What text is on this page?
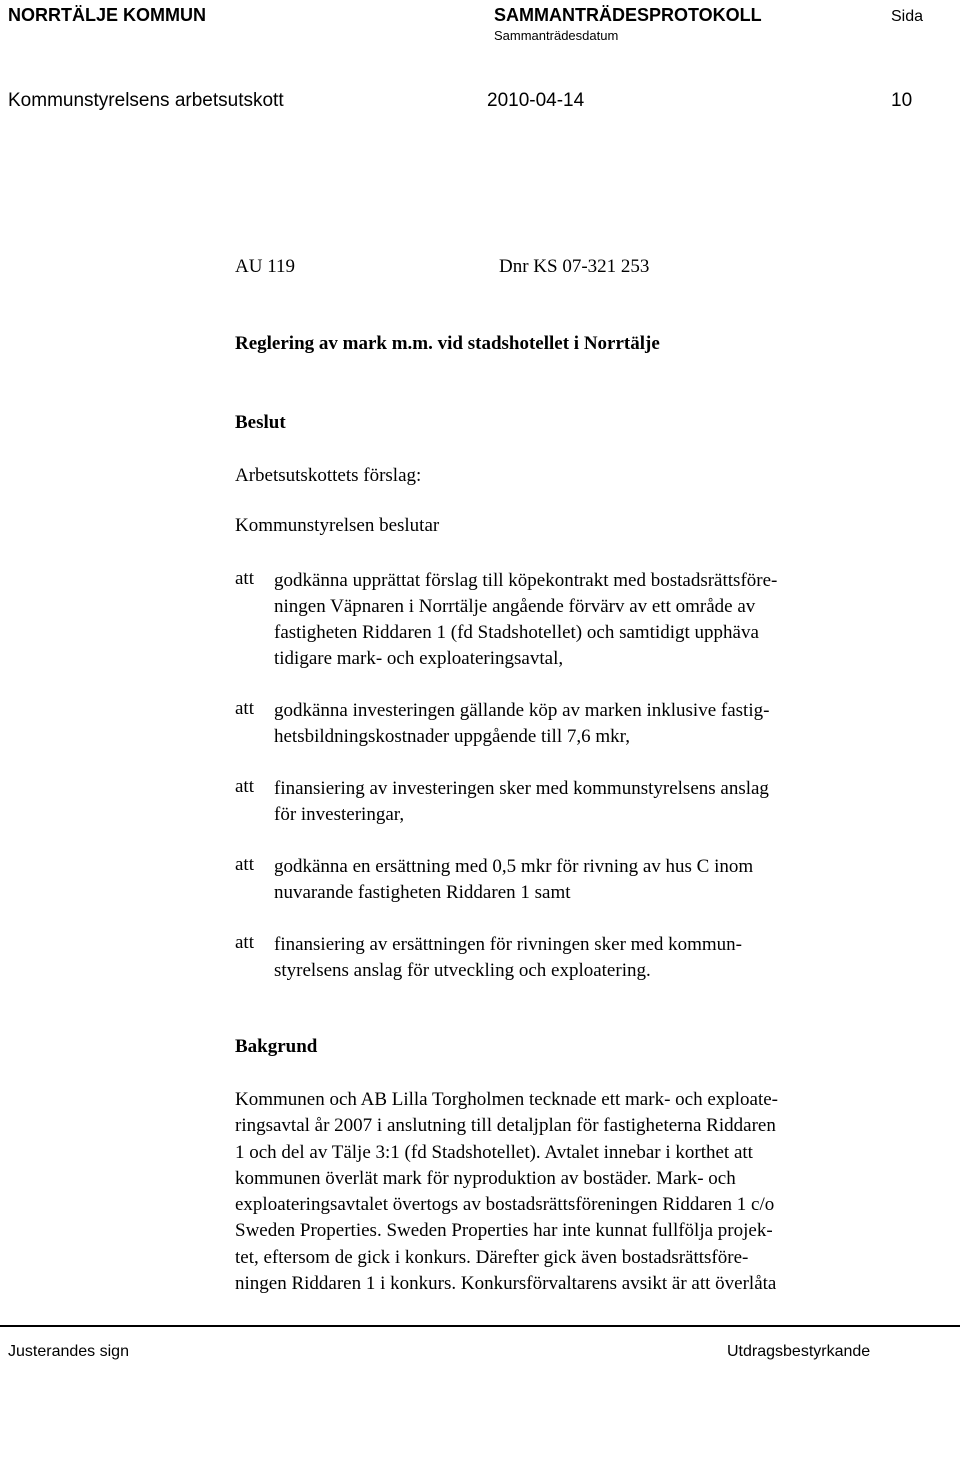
NORRTÄLJE KOMMUN	SAMMANTRÄDESPROTOKOLL
Sammanträdesdatum
Sida
Kommunstyrelsens arbetsutskott	2010-04-14	10
AU 119	Dnr KS 07-321 253
Reglering av mark m.m. vid stadshotellet i Norrtälje
Beslut
Arbetsutskottets förslag:
Kommunstyrelsen beslutar
att godkänna upprättat förslag till köpekontrakt med bostadsrättsföre-
ningen Väpnaren i Norrtälje angående förvärv av ett område av
fastigheten Riddaren 1 (fd Stadshotellet) och samtidigt upphäva
tidigare mark- och exploateringsavtal,
att godkänna investeringen gällande köp av marken inklusive fastig-
hetsbildningskostnader uppgående till 7,6 mkr,
att finansiering av investeringen sker med kommunstyrelsens anslag
för investeringar,
att godkänna en ersättning med 0,5 mkr för rivning av hus C inom
nuvarande fastigheten Riddaren 1 samt
att finansiering av ersättningen för rivningen sker med kommun-
styrelsens anslag för utveckling och exploatering.
Bakgrund
Kommunen och AB Lilla Torgholmen tecknade ett mark- och exploate-
ringsavtal år 2007 i anslutning till detaljplan för fastigheterna Riddaren
1 och del av Tälje 3:1 (fd Stadshotellet). Avtalet innebar i korthet att
kommunen överlät mark för nyproduktion av bostäder. Mark- och
exploateringsavtalet övertogs av bostadsrättsföreningen Riddaren 1 c/o
Sweden Properties. Sweden Properties har inte kunnat fullfölja projek-
tet, eftersom de gick i konkurs. Därefter gick även bostadsrättsföre-
ningen Riddaren 1 i konkurs. Konkursförvaltarens avsikt är att överlåta
Justerandes sign	Utdragsbestyrkande
